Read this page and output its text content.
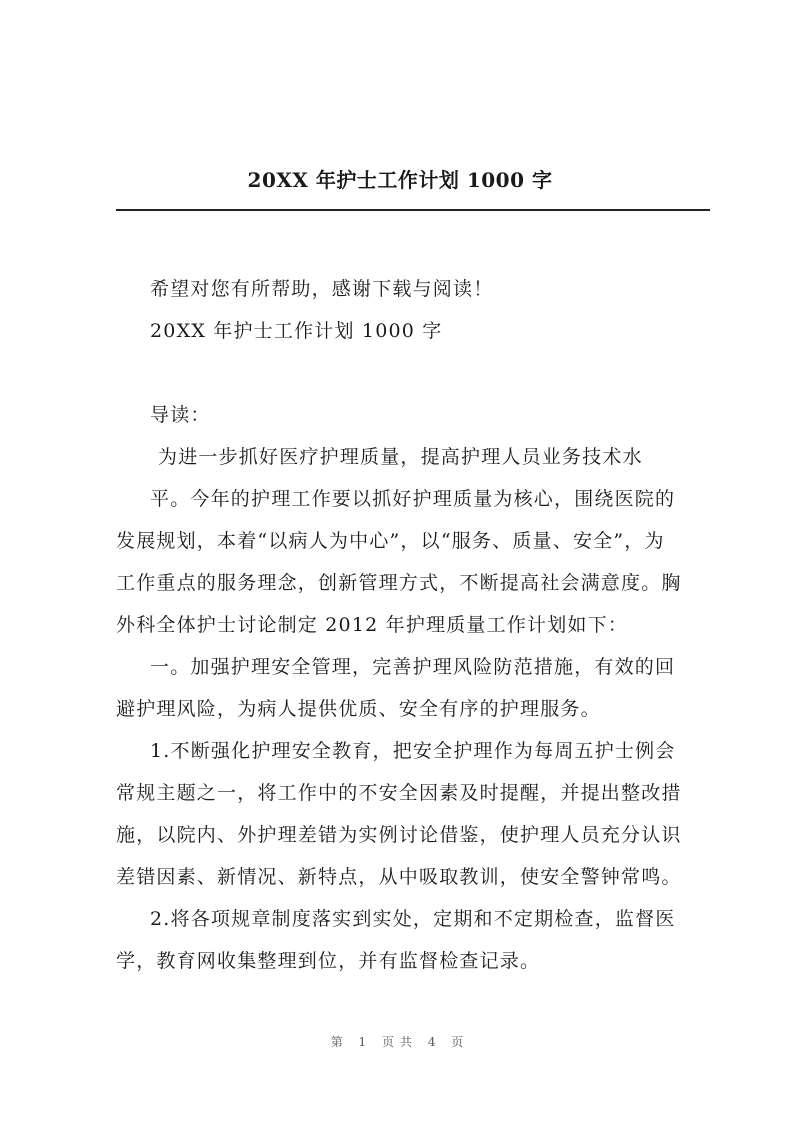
20XX 年护士工作计划 1000 字
希望对您有所帮助，感谢下载与阅读！
20XX 年护士工作计划 1000 字
导读：
为进一步抓好医疗护理质量，提高护理人员业务技术水
平。今年的护理工作要以抓好护理质量为核心，围绕医院的
发展规划，本着“以病人为中心”，以“服务、质量、安全”，为
工作重点的服务理念，创新管理方式，不断提高社会满意度。胸
外科全体护士讨论制定 2012 年护理质量工作计划如下：
一。加强护理安全管理，完善护理风险防范措施，有效的回
避护理风险，为病人提供优质、安全有序的护理服务。
1.不断强化护理安全教育，把安全护理作为每周五护士例会
常规主题之一，将工作中的不安全因素及时提醒，并提出整改措
施，以院内、外护理差错为实例讨论借鉴，使护理人员充分认识
差错因素、新情况、新特点，从中吸取教训，使安全警钟常鸣。
2.将各项规章制度落实到实处，定期和不定期检查，监督医
学，教育网收集整理到位，并有监督检查记录。
第 1 页共 4 页
